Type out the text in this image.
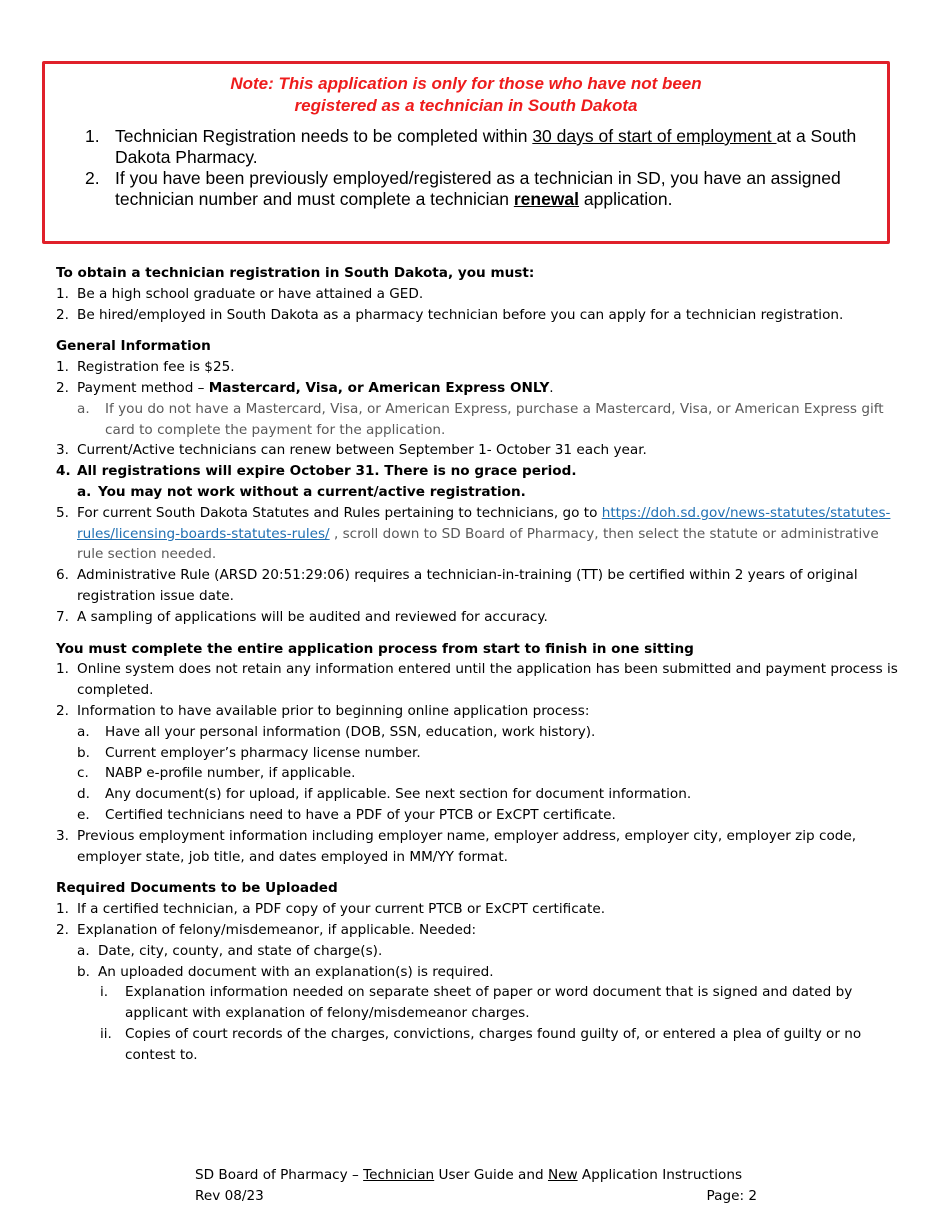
Note: This application is only for those who have not been
registered as a technician in South Dakota
1. Technician Registration needs to be completed within 30 days of start of employment at a South Dakota Pharmacy.
2. If you have been previously employed/registered as a technician in SD, you have an assigned technician number and must complete a technician renewal application.
To obtain a technician registration in South Dakota, you must:
1. Be a high school graduate or have attained a GED.
2. Be hired/employed in South Dakota as a pharmacy technician before you can apply for a technician registration.
General Information
1. Registration fee is $25.
2. Payment method – Mastercard, Visa, or American Express ONLY.
a. If you do not have a Mastercard, Visa, or American Express, purchase a Mastercard, Visa, or American Express gift card to complete the payment for the application.
3. Current/Active technicians can renew between September 1- October 31 each year.
4. All registrations will expire October 31. There is no grace period.
a. You may not work without a current/active registration.
5. For current South Dakota Statutes and Rules pertaining to technicians, go to https://doh.sd.gov/news-statutes/statutes-rules/licensing-boards-statutes-rules/ , scroll down to SD Board of Pharmacy, then select the statute or administrative rule section needed.
6. Administrative Rule (ARSD 20:51:29:06) requires a technician-in-training (TT) be certified within 2 years of original registration issue date.
7. A sampling of applications will be audited and reviewed for accuracy.
You must complete the entire application process from start to finish in one sitting
1. Online system does not retain any information entered until the application has been submitted and payment process is completed.
2. Information to have available prior to beginning online application process:
a. Have all your personal information (DOB, SSN, education, work history).
b. Current employer’s pharmacy license number.
c. NABP e-profile number, if applicable.
d. Any document(s) for upload, if applicable. See next section for document information.
e. Certified technicians need to have a PDF of your PTCB or ExCPT certificate.
3. Previous employment information including employer name, employer address, employer city, employer zip code, employer state, job title, and dates employed in MM/YY format.
Required Documents to be Uploaded
1. If a certified technician, a PDF copy of your current PTCB or ExCPT certificate.
2. Explanation of felony/misdemeanor, if applicable. Needed:
a. Date, city, county, and state of charge(s).
b. An uploaded document with an explanation(s) is required.
i. Explanation information needed on separate sheet of paper or word document that is signed and dated by applicant with explanation of felony/misdemeanor charges.
ii. Copies of court records of the charges, convictions, charges found guilty of, or entered a plea of guilty or no contest to.
SD Board of Pharmacy – Technician User Guide and New Application Instructions
Rev 08/23	Page: 2
